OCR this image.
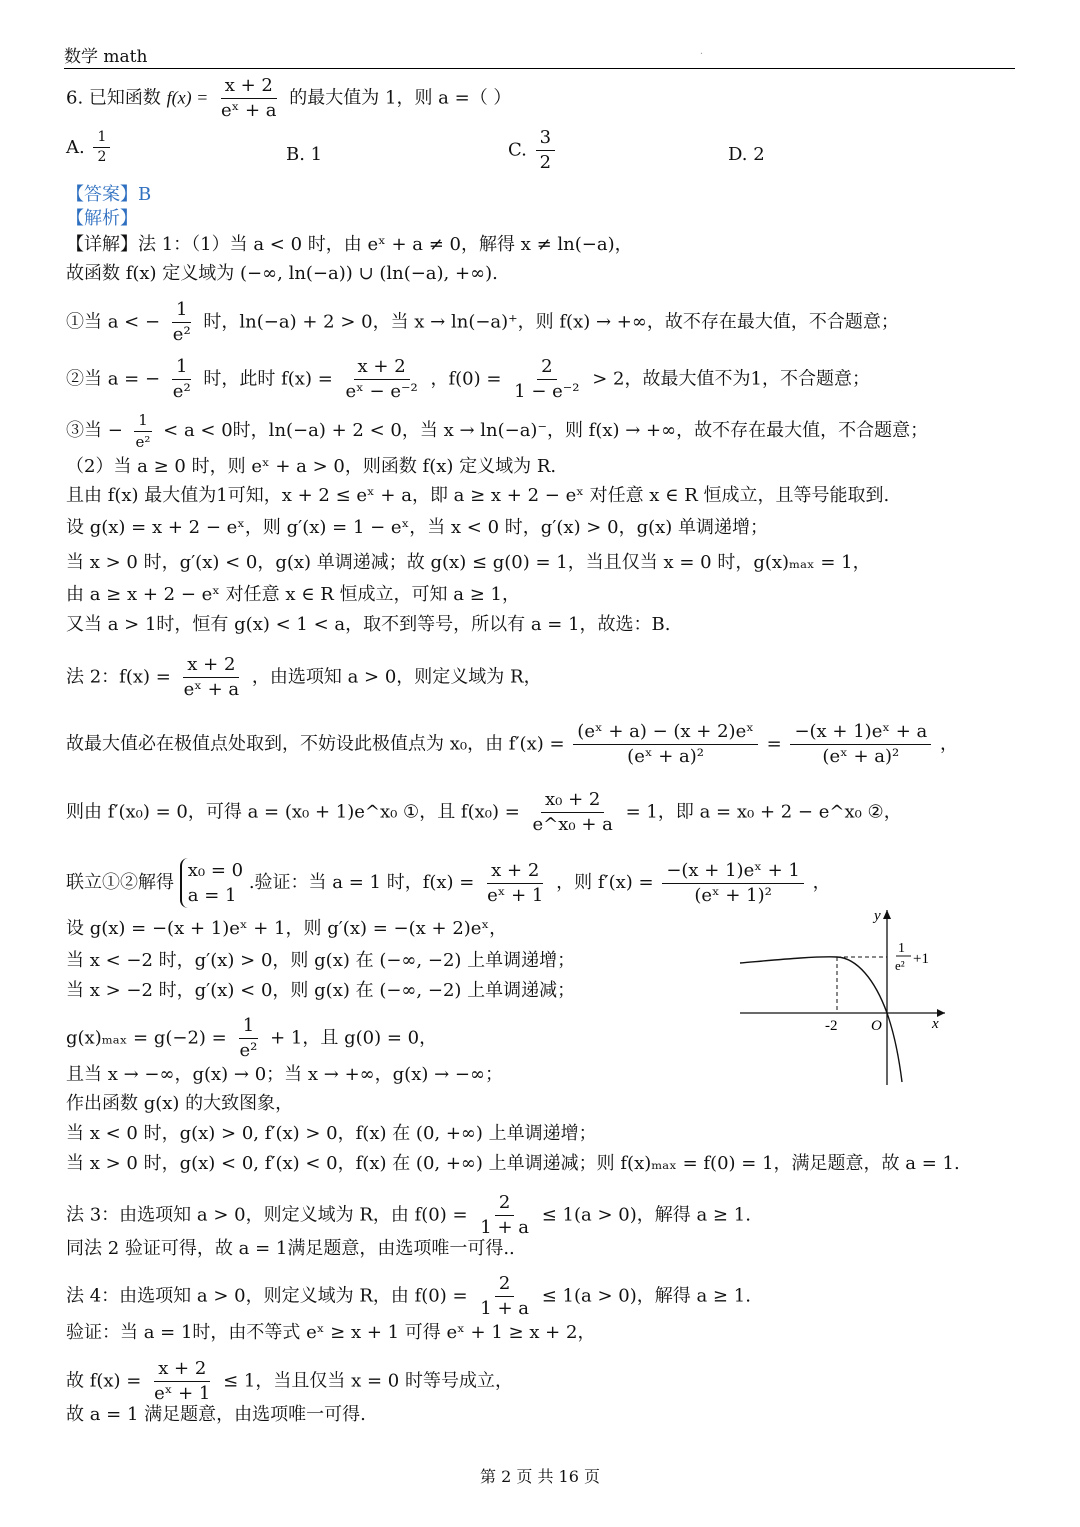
数学 math	.
6. 已知函数 $f(x) = \frac{x + 2}{\text{eˣ + a}}$ 的最大值为 1，则 a =（ ）
A. $\frac{1}{2}$	B. 1	C. $\frac{3}{2}$	D. 2
【答案】B
【解析】
【详解】法 1：（1）当 a < 0 时，由 eˣ + a ≠ 0，解得 x ≠ ln(−a)，
故函数 f(x) 定义域为 (−∞, ln(−a)) ∪ (ln(−a), +∞).
①当 a < − $\frac{1}{\text{e²}}$ 时，ln(−a) + 2 > 0，当 x → ln(−a)⁺，则 f(x) → +∞，故不存在最大值，不合题意；
②当 a = − $\frac{1}{\text{e²}}$ 时，此时 $f(x) = \frac{x + 2}{\text{eˣ − e⁻²}}$ ，$f(0) = \frac{2}{\text{1 − e⁻²}} > 2$，故最大值不为1，不合题意；
③当 − $\frac{1}{\text{e²}} < a < 0$时，ln(−a) + 2 < 0，当 x → ln(−a)⁻，则 f(x) → +∞，故不存在最大值，不合题意；
（2）当 a ≥ 0 时，则 eˣ + a > 0，则函数 f(x) 定义域为 R.
且由 f(x) 最大值为1可知，x + 2 ≤ eˣ + a，即 a ≥ x + 2 − eˣ 对任意 x ∈ R 恒成立，且等号能取到.
设 g(x) = x + 2 − eˣ，则 g′(x) = 1 − eˣ，当 x < 0 时，g′(x) > 0，g(x) 单调递增；
当 x > 0 时，g′(x) < 0，g(x) 单调递减；故 g(x) ≤ g(0) = 1，当且仅当 x = 0 时，g(x)ₘₐₓ = 1，
由 a ≥ x + 2 − eˣ 对任意 x ∈ R 恒成立，可知 a ≥ 1，
又当 a > 1时，恒有 g(x) < 1 < a，取不到等号，所以有 a = 1，故选：B.
法 2：$f(x) = \frac{x + 2}{\text{eˣ + a}}$ ，由选项知 a > 0，则定义域为 R，
故最大值必在极值点处取到，不妨设此极值点为 x₀，由 $f'(x) = \frac{\text{(eˣ + a) − (x + 2)eˣ}}{\text{(eˣ + a)²}} = \frac{\text{−(x + 1)eˣ + a}}{\text{(eˣ + a)²}}$ ，
则由 f′(x₀) = 0，可得 a = (x₀ + 1)e^x₀ ①，且 $f(x_0) = \frac{\text{x₀ + 2}}{\text{e\textasciicircum{}x₀ + a}} = 1$，即 a = x₀ + 2 − e^x₀ ②，
联立①②解得
x₀ = 0
a = 1
.验证：当 a = 1 时，$f(x) = \frac{x + 2}{\text{eˣ + 1}}$ ，则 $f'(x) = \frac{\text{−(x + 1)eˣ + 1}}{\text{(eˣ + 1)²}}$ ，
设 g(x) = −(x + 1)eˣ + 1，则 g′(x) = −(x + 2)eˣ，
当 x < −2 时，g′(x) > 0，则 g(x) 在 (−∞, −2) 上单调递增；
当 x > −2 时，g′(x) < 0，则 g(x) 在 (−∞, −2) 上单调递减；
$g(x)_{max} = g(-2) = \frac{1}{\text{e²}} + 1$，且 g(0) = 0，
且当 x → −∞，g(x) → 0；当 x → +∞，g(x) → −∞；
作出函数 g(x) 的大致图象，
当 x < 0 时，g(x) > 0, f′(x) > 0，f(x) 在 (0, +∞) 上单调递增；
当 x > 0 时，g(x) < 0, f′(x) < 0，f(x) 在 (0, +∞) 上单调递减；则 f(x)ₘₐₓ = f(0) = 1，满足题意，故 a = 1.
法 3：由选项知 a > 0，则定义域为 R，由 $f(0) = \frac{2}{1 + a} \le 1(a > 0)$，解得 a ≥ 1.
同法 2 验证可得，故 a = 1满足题意，由选项唯一可得..
法 4：由选项知 a > 0，则定义域为 R，由 $f(0) = \frac{2}{1 + a} \le 1(a > 0)$，解得 a ≥ 1.
验证：当 a = 1时，由不等式 eˣ ≥ x + 1 可得 eˣ + 1 ≥ x + 2，
故 $f(x) = \frac{x + 2}{\text{eˣ + 1}} \le 1$，当且仅当 x = 0 时等号成立，
故 a = 1 满足题意，由选项唯一可得.
y
x
O
-2
1
e² +1
第 2 页 共 16 页
